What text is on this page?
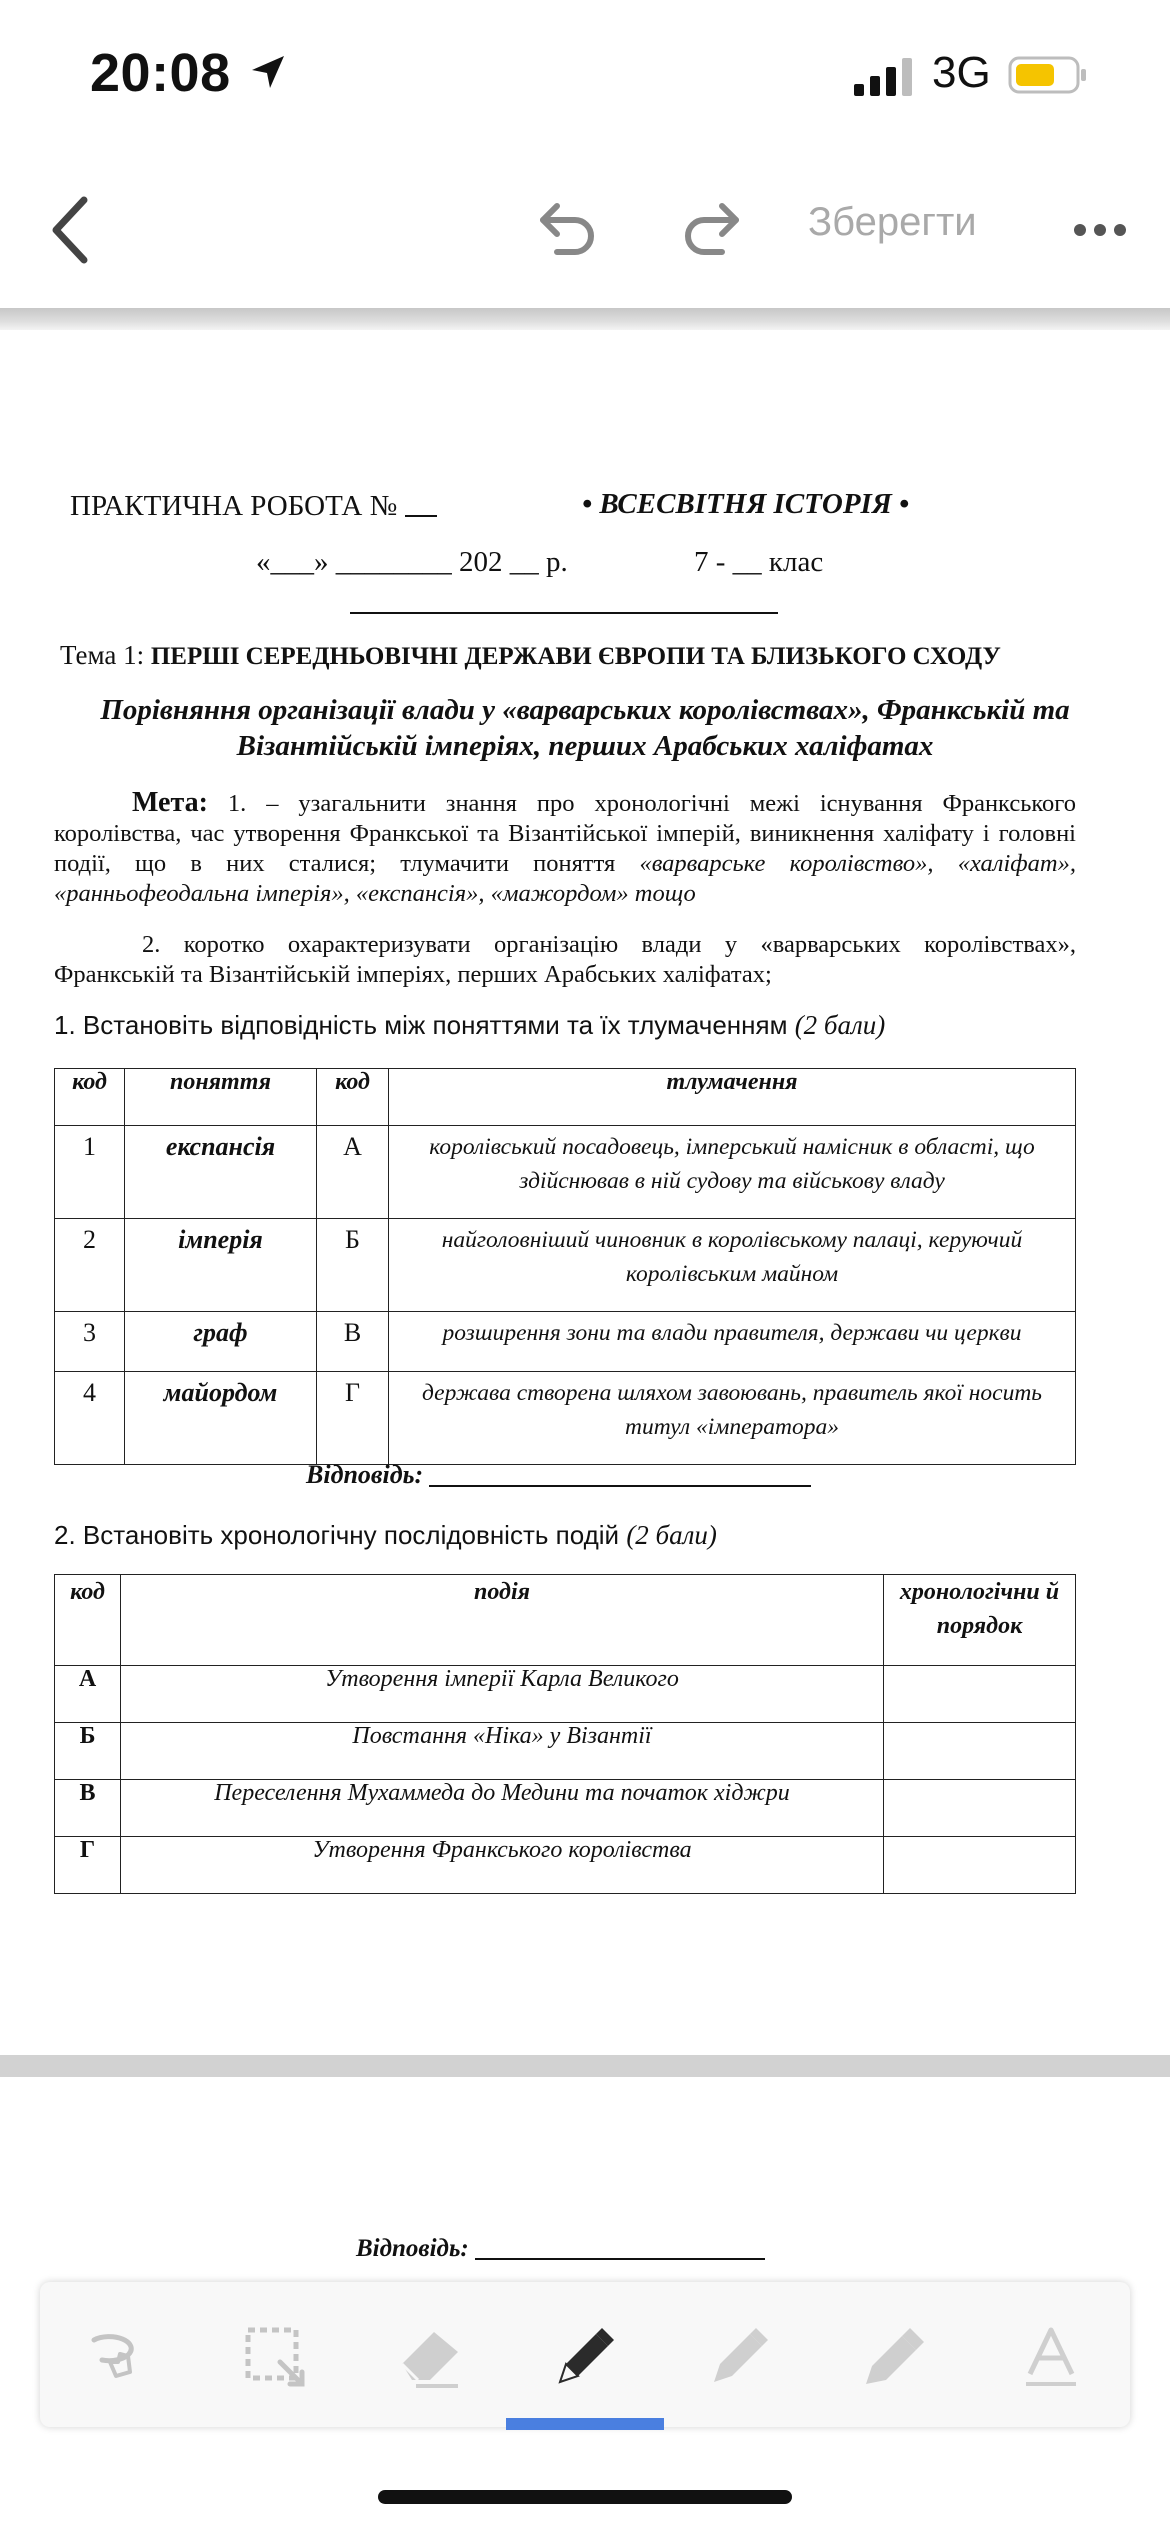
20:08	3G
Зберегти
ПРАКТИЧНА РОБОТА №	• ВСЕСВІТНЯ ІСТОРІЯ •
«___» ________ 202 __ р.	7 - __ клас
Тема 1: ПЕРШІ СЕРЕДНЬОВІЧНІ ДЕРЖАВИ ЄВРОПИ ТА БЛИЗЬКОГО СХОДУ
Порівняння організації влади у «варварських королівствах», Франкській та
Візантійській імперіях, перших Арабських халіфатах
Мета: 1. – узагальнити знання про хронологічні межі існування Франкського королівства, час утворення Франкської та Візантійської імперій, виникнення халіфату і головні події, що в них сталися; тлумачити поняття «варварське королівство», «халіфат», «ранньофеодальна імперія», «експансія», «мажордом» тощо
2. коротко охарактеризувати організацію влади у «варварських королівствах», Франкській та Візантійській імперіях, перших Арабських халіфатах;
1. Встановіть відповідність між поняттями та їх тлумаченням (2 бали)
код	поняття	код	тлумачення
1	експансія	А	королівський посадовець, імперський намісник в області, що здійснював в ній судову та військову владу
2	імперія	Б	найголовніший чиновник в королівському палаці, керуючий королівським майном
3	граф	В	розширення зони та влади правителя, держави чи церкви
4	майордом	Г	держава створена шляхом завоювань, правитель якої носить титул «імператора»
Відповідь:
2. Встановіть хронологічну послідовність подій (2 бали)
код	подія	хронологічни й порядок
А	Утворення імперії Карла Великого	
Б	Повстання «Ніка» у Візантії	
В	Переселення Мухаммеда до Медини та початок хіджри	
Г	Утворення Франкського королівства	
Відповідь:
